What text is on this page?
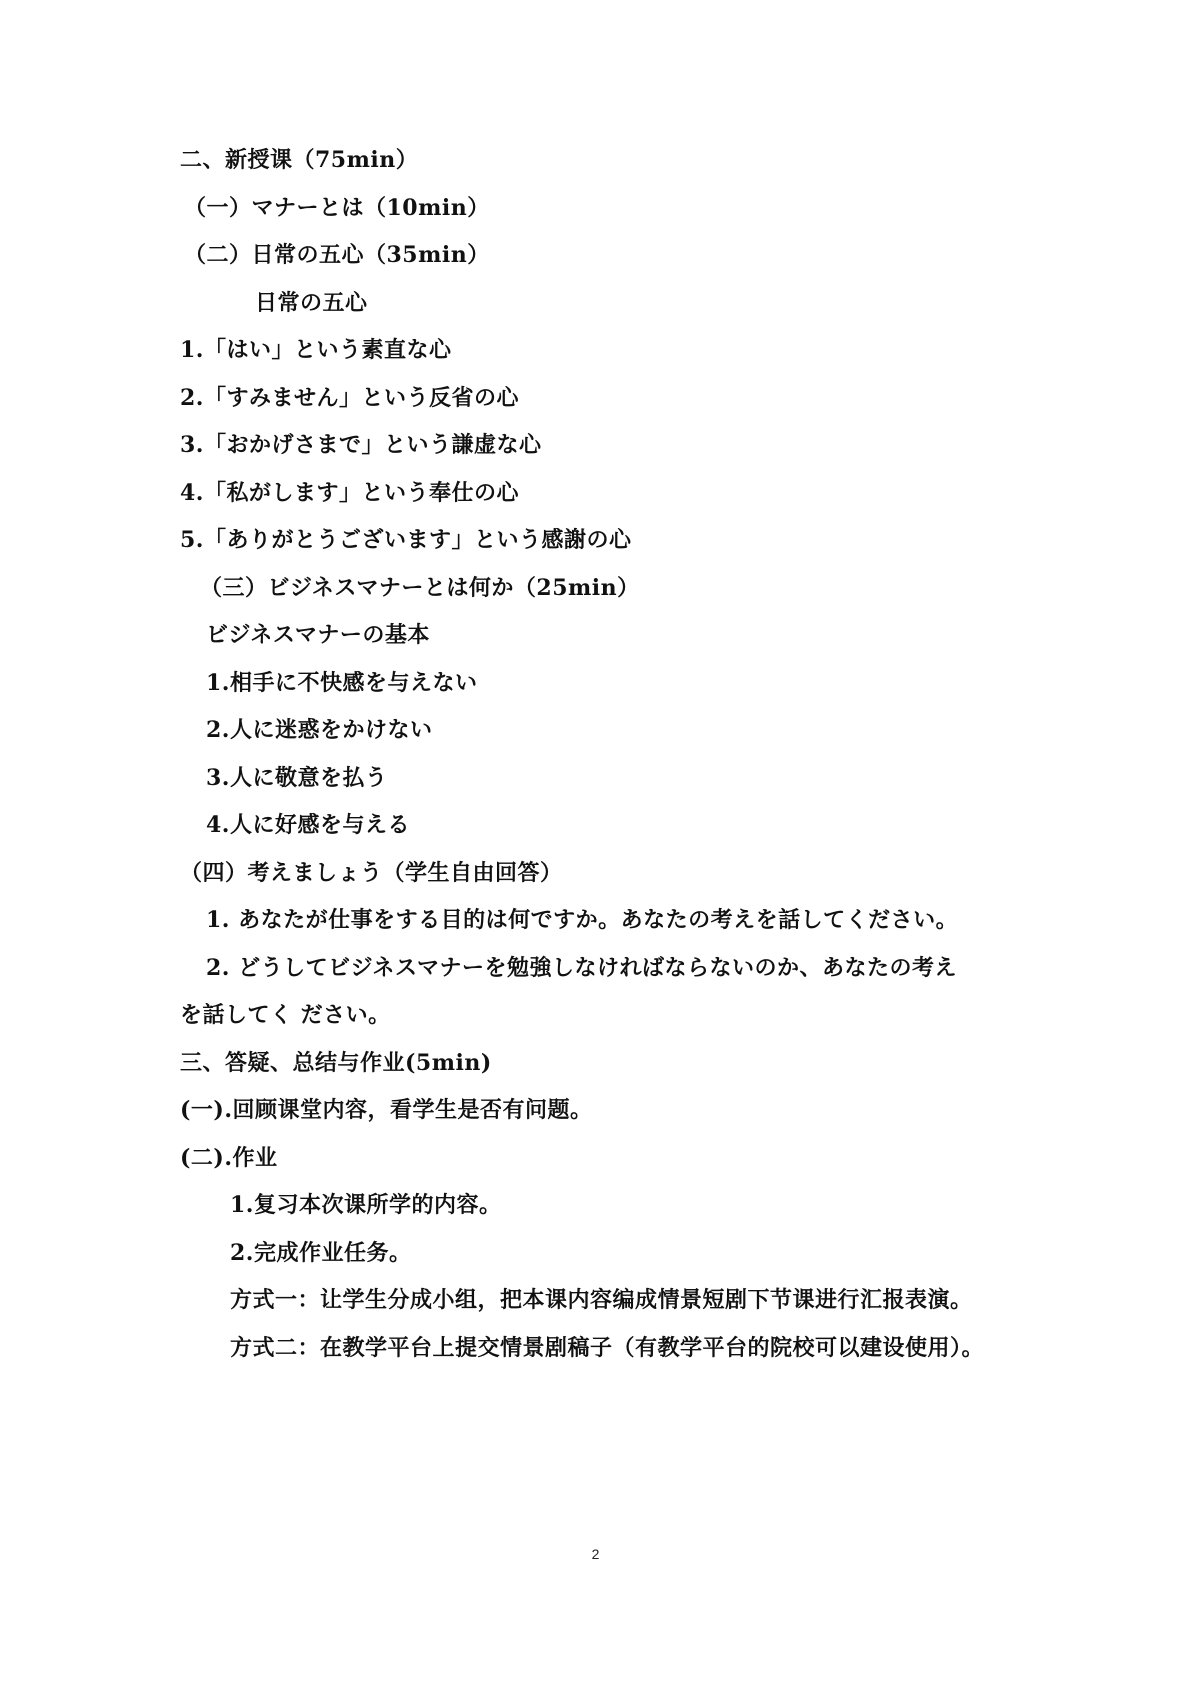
二、新授课（75min）
（一）マナーとは（10min）
（二）日常の五心（35min）
日常の五心
1.「はい」という素直な心
2.「すみません」という反省の心
3.「おかげさまで」という謙虚な心
4.「私がします」という奉仕の心
5.「ありがとうございます」という感謝の心
（三）ビジネスマナーとは何か（25min）
ビジネスマナーの基本
1.相手に不快感を与えない
2.人に迷惑をかけない
3.人に敬意を払う
4.人に好感を与える
（四）考えましょう（学生自由回答）
1. あなたが仕事をする目的は何ですか。あなたの考えを話してください。
2. どうしてビジネスマナーを勉強しなければならないのか、あなたの考え
を話してく ださい。
三、答疑、总结与作业(5min)
(一).回顾课堂内容，看学生是否有问题。
(二).作业
1.复习本次课所学的内容。
2.完成作业任务。
方式一：让学生分成小组，把本课内容编成情景短剧下节课进行汇报表演。
方式二：在教学平台上提交情景剧稿子（有教学平台的院校可以建设使用）。
2
